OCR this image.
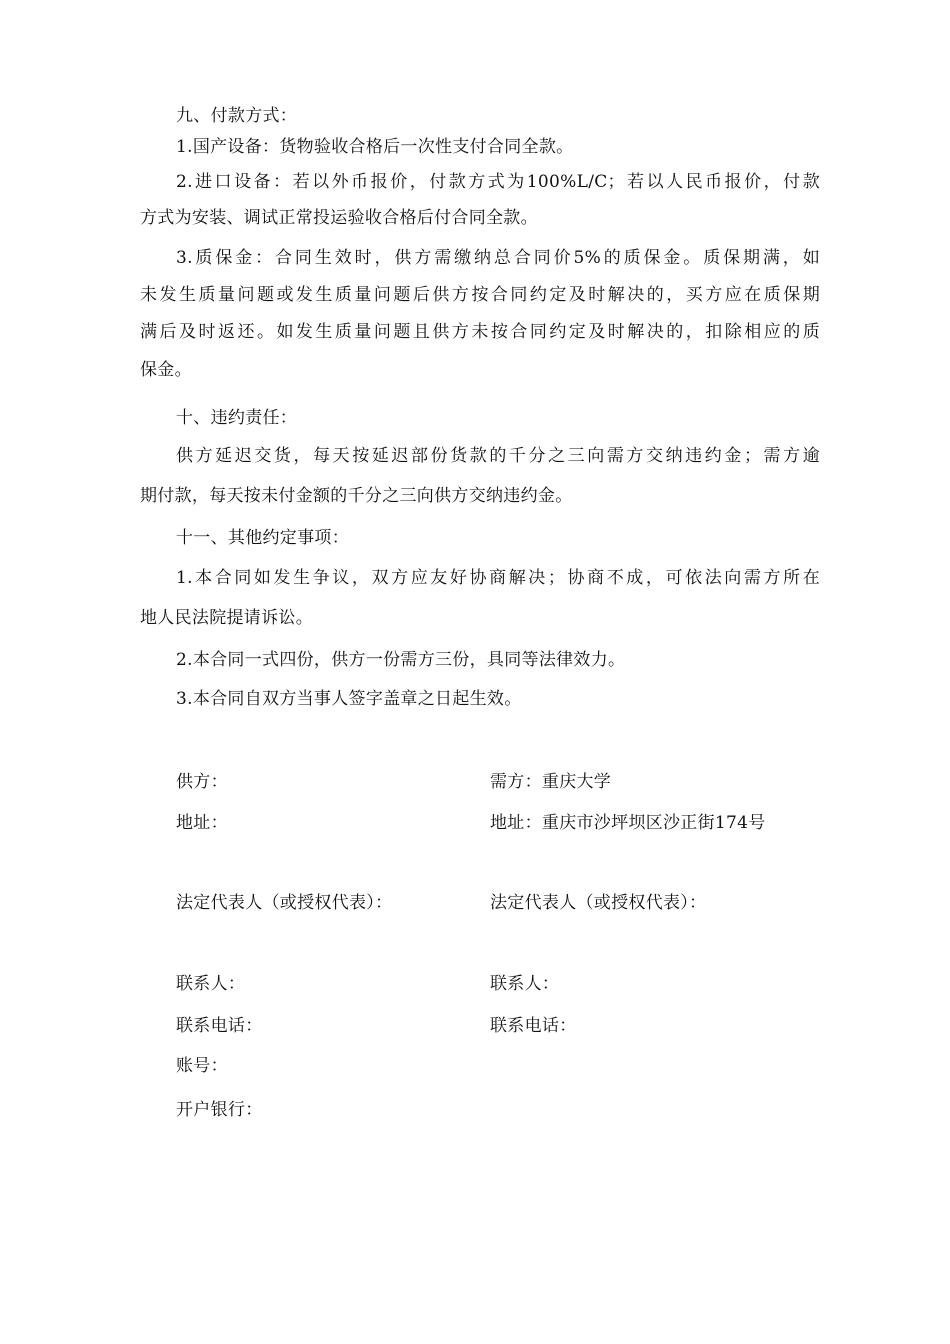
九、付款方式：
1.国产设备：货物验收合格后一次性支付合同全款。
2.进口设备：若以外币报价，付款方式为100%L/C；若以人民币报价，付款
方式为安装、调试正常投运验收合格后付合同全款。
3.质保金：合同生效时，供方需缴纳总合同价5%的质保金。质保期满，如
未发生质量问题或发生质量问题后供方按合同约定及时解决的，买方应在质保期
满后及时返还。如发生质量问题且供方未按合同约定及时解决的，扣除相应的质
保金。
十、违约责任：
供方延迟交货，每天按延迟部份货款的千分之三向需方交纳违约金；需方逾
期付款，每天按未付金额的千分之三向供方交纳违约金。
十一、其他约定事项：
1.本合同如发生争议，双方应友好协商解决；协商不成，可依法向需方所在
地人民法院提请诉讼。
2.本合同一式四份，供方一份需方三份，具同等法律效力。
3.本合同自双方当事人签字盖章之日起生效。
供方：
地址：
法定代表人（或授权代表）：
联系人：
联系电话：
账号：
开户银行：
需方：重庆大学
地址：重庆市沙坪坝区沙正街174号
法定代表人（或授权代表）：
联系人：
联系电话：
